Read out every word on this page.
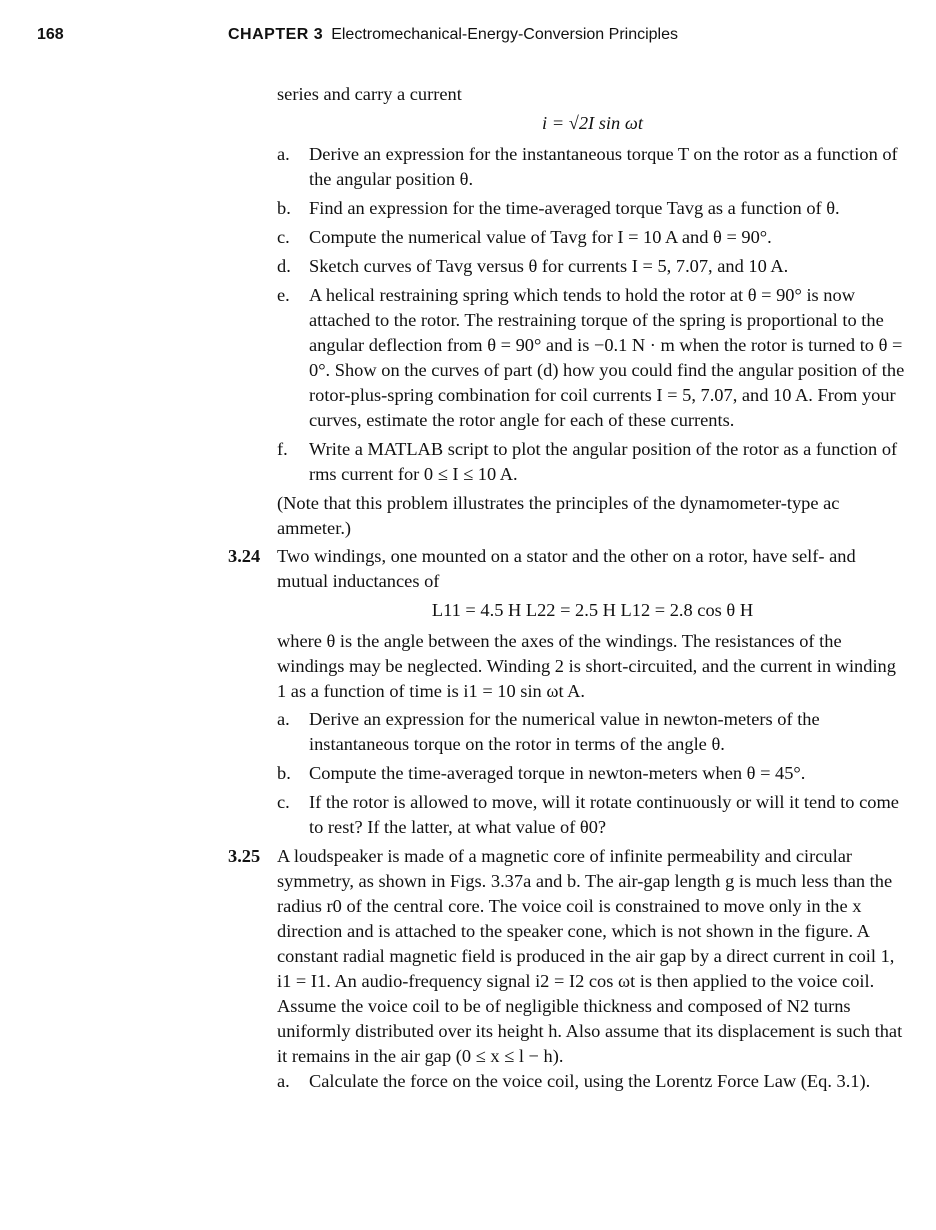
168	CHAPTER 3 Electromechanical-Energy-Conversion Principles

series and carry a current

i = √2I sin ωt
a.	Derive an expression for the instantaneous torque T on the rotor as a function of the angular position θ.
b. Find an expression for the time-averaged torque Tavg as a function of θ.
c.	Compute the numerical value of Tavg for I = 10 A and θ = 90°.
d. Sketch curves of Tavg versus θ for currents I = 5, 7.07, and 10 A.
e.	A helical restraining spring which tends to hold the rotor at θ = 90° is now attached to the rotor. The restraining torque of the spring is proportional to the angular deflection from θ = 90° and is −0.1 N · m when the rotor is turned to θ = 0°. Show on the curves of part (d) how you could find the angular position of the rotor-plus-spring combination for coil currents I = 5, 7.07, and 10 A. From your curves, estimate the rotor angle for each of these currents.
f.	Write a MATLAB script to plot the angular position of the rotor as a function of rms current for 0 ≤ I ≤ 10 A.

(Note that this problem illustrates the principles of the dynamometer-type ac ammeter.)

3.24 Two windings, one mounted on a stator and the other on a rotor, have self- and mutual inductances of
L11 = 4.5 H L22 = 2.5 H L12 = 2.8 cos θ H

where θ is the angle between the axes of the windings. The resistances of the windings may be neglected. Winding 2 is short-circuited, and the current in winding 1 as a function of time is i1 = 10 sin ωt A.

a.	Derive an expression for the numerical value in newton-meters of the instantaneous torque on the rotor in terms of the angle θ.
b. Compute the time-averaged torque in newton-meters when θ = 45°.
c.	If the rotor is allowed to move, will it rotate continuously or will it tend to come to rest? If the latter, at what value of θ0?
3.25 A loudspeaker is made of a magnetic core of infinite permeability and circular symmetry, as shown in Figs. 3.37a and b. The air-gap length g is much less than the radius r0 of the central core. The voice coil is constrained to move only in the x direction and is attached to the speaker cone, which is not shown in the figure. A constant radial magnetic field is produced in the air gap by a direct current in coil 1, i1 = I1. An audio-frequency signal i2 = I2 cos ωt is then applied to the voice coil. Assume the voice coil to be of negligible thickness and composed of N2 turns uniformly distributed over its height h. Also assume that its displacement is such that it remains in the air gap (0 ≤ x ≤ l − h).
a.	Calculate the force on the voice coil, using the Lorentz Force Law (Eq. 3.1).
